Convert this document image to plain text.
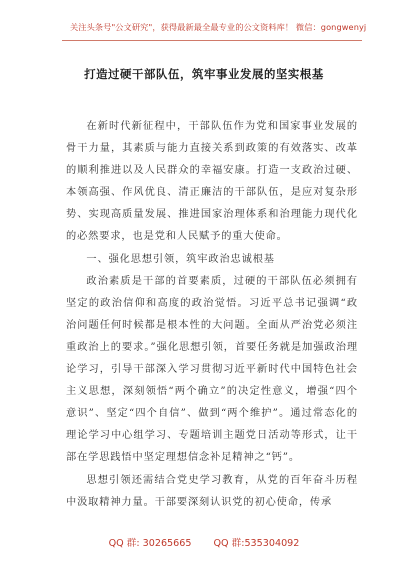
关注头条号"公文研究"，获得最新最全最专业的公文资料库！ 微信：gongwenyj
打造过硬干部队伍，筑牢事业发展的坚实根基

在新时代新征程中，干部队伍作为党和国家事业发展的骨干力量，其素质与能力直接关系到政策的有效落实、改革的顺利推进以及人民群众的幸福安康。打造一支政治过硬、本领高强、作风优良、清正廉洁的干部队伍，是应对复杂形势、实现高质量发展、推进国家治理体系和治理能力现代化的必然要求，也是党和人民赋予的重大使命。

一、强化思想引领，筑牢政治忠诚根基

政治素质是干部的首要素质，过硬的干部队伍必须拥有坚定的政治信仰和高度的政治觉悟。习近平总书记强调“政治问题任何时候都是根本性的大问题。全面从严治党必须注重政治上的要求。”强化思想引领，首要任务就是加强政治理论学习，引导干部深入学习贯彻习近平新时代中国特色社会主义思想，深刻领悟“两个确立”的决定性意义，增强“四个意识”、坚定“四个自信”、做到“两个维护”。通过常态化的理论学习中心组学习、专题培训主题党日活动等形式，让干部在学思践悟中坚定理想信念补足精神之“钙”。

思想引领还需结合党史学习教育，从党的百年奋斗历程中汲取精神力量。干部要深刻认识党的初心使命，传承

QQ 群: 30265665 QQ 群:535304092
